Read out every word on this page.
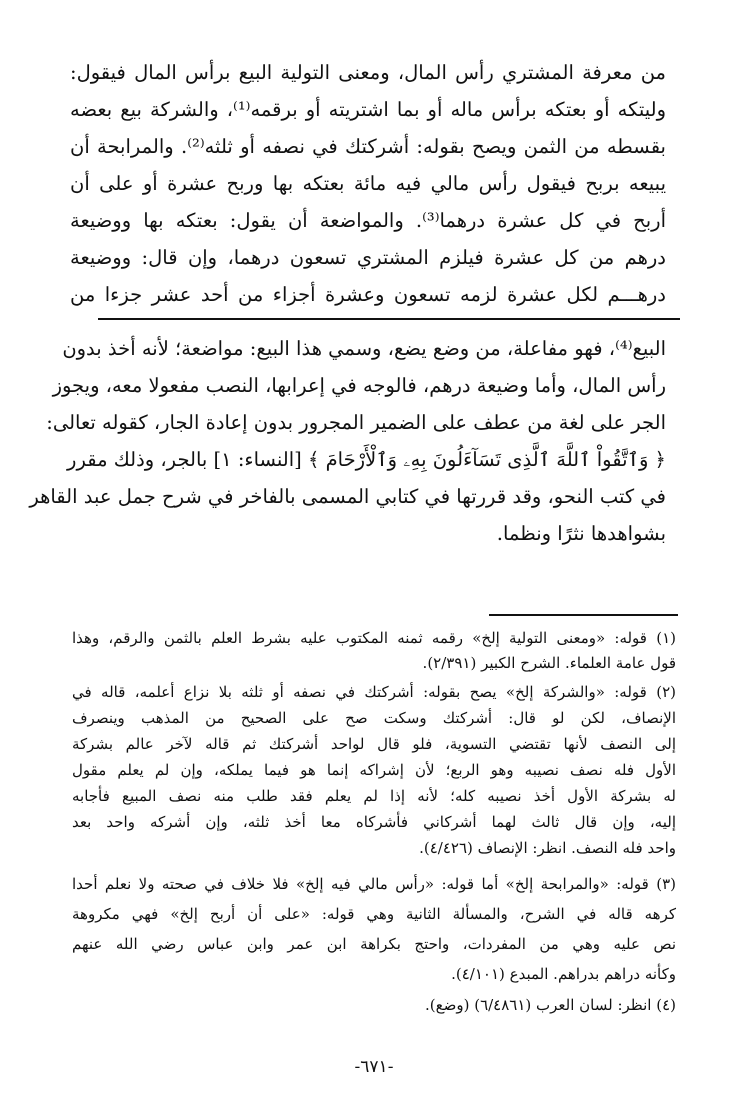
من معرفة المشتري رأس المال، ومعنى التولية البيع برأس المال فيقول:
وليتكه أو بعتكه برأس ماله أو بما اشتريته أو برقمه⁽¹⁾، والشركة بيع بعضه
بقسطه من الثمن ويصح بقوله: أشركتك في نصفه أو ثلثه⁽²⁾. والمرابحة أن
يبيعه بربح فيقول رأس مالي فيه مائة بعتكه بها وربح عشرة أو على أن
أربح في كل عشرة درهما⁽³⁾. والمواضعة أن يقول: بعتكه بها ووضيعة
درهم من كل عشرة فيلزم المشتري تسعون درهما، وإن قال: ووضيعة
درهـــم لكل عشرة لزمه تسعون وعشرة أجزاء من أحد عشر جزءا من
البيع⁽⁴⁾، فهو مفاعلة، من وضع يضع، وسمي هذا البيع: مواضعة؛ لأنه أخذ بدون
رأس المال، وأما وضيعة درهم، فالوجه في إعرابها، النصب مفعولا معه، ويجوز
الجر على لغة من عطف على الضمير المجرور بدون إعادة الجار، كقوله تعالى:
﴿ وَٱتَّقُواْ ٱللَّهَ ٱلَّذِى تَسَآءَلُونَ بِهِۦ وَٱلْأَرْحَامَ ﴾ [النساء: ١] بالجر، وذلك مقرر
في كتب النحو، وقد قررتها في كتابي المسمى بالفاخر في شرح جمل عبد القاهر
بشواهدها نثرًا ونظما.
(١) قوله: «ومعنى التولية إلخ» رقمه ثمنه المكتوب عليه بشرط العلم بالثمن والرقم، وهذا
قول عامة العلماء. الشرح الكبير (٢/٣٩١).
(٢) قوله: «والشركة إلخ» يصح بقوله: أشركتك في نصفه أو ثلثه بلا نزاع أعلمه، قاله في
الإنصاف، لكن لو قال: أشركتك وسكت صح على الصحيح من المذهب وينصرف
إلى النصف لأنها تقتضي التسوية، فلو قال لواحد أشركتك ثم قاله لآخر عالم بشركة
الأول فله نصف نصيبه وهو الربع؛ لأن إشراكه إنما هو فيما يملكه، وإن لم يعلم مقول
له بشركة الأول أخذ نصيبه كله؛ لأنه إذا لم يعلم فقد طلب منه نصف المبيع فأجابه
إليه، وإن قال ثالث لهما أشركاني فأشركاه معا أخذ ثلثه، وإن أشركه واحد بعد
واحد فله النصف. انظر: الإنصاف (٤/٤٢٦).
(٣) قوله: «والمرابحة إلخ» أما قوله: «رأس مالي فيه إلخ» فلا خلاف في صحته ولا نعلم أحدا
كرهه قاله في الشرح، والمسألة الثانية وهي قوله: «على أن أربح إلخ» فهي مكروهة
نص عليه وهي من المفردات، واحتج بكراهة ابن عمر وابن عباس رضي الله عنهم
وكأنه دراهم بدراهم. المبدع (٤/١٠١).
(٤) انظر: لسان العرب (٦/٤٨٦١) (وضع).
-٦٧١-
